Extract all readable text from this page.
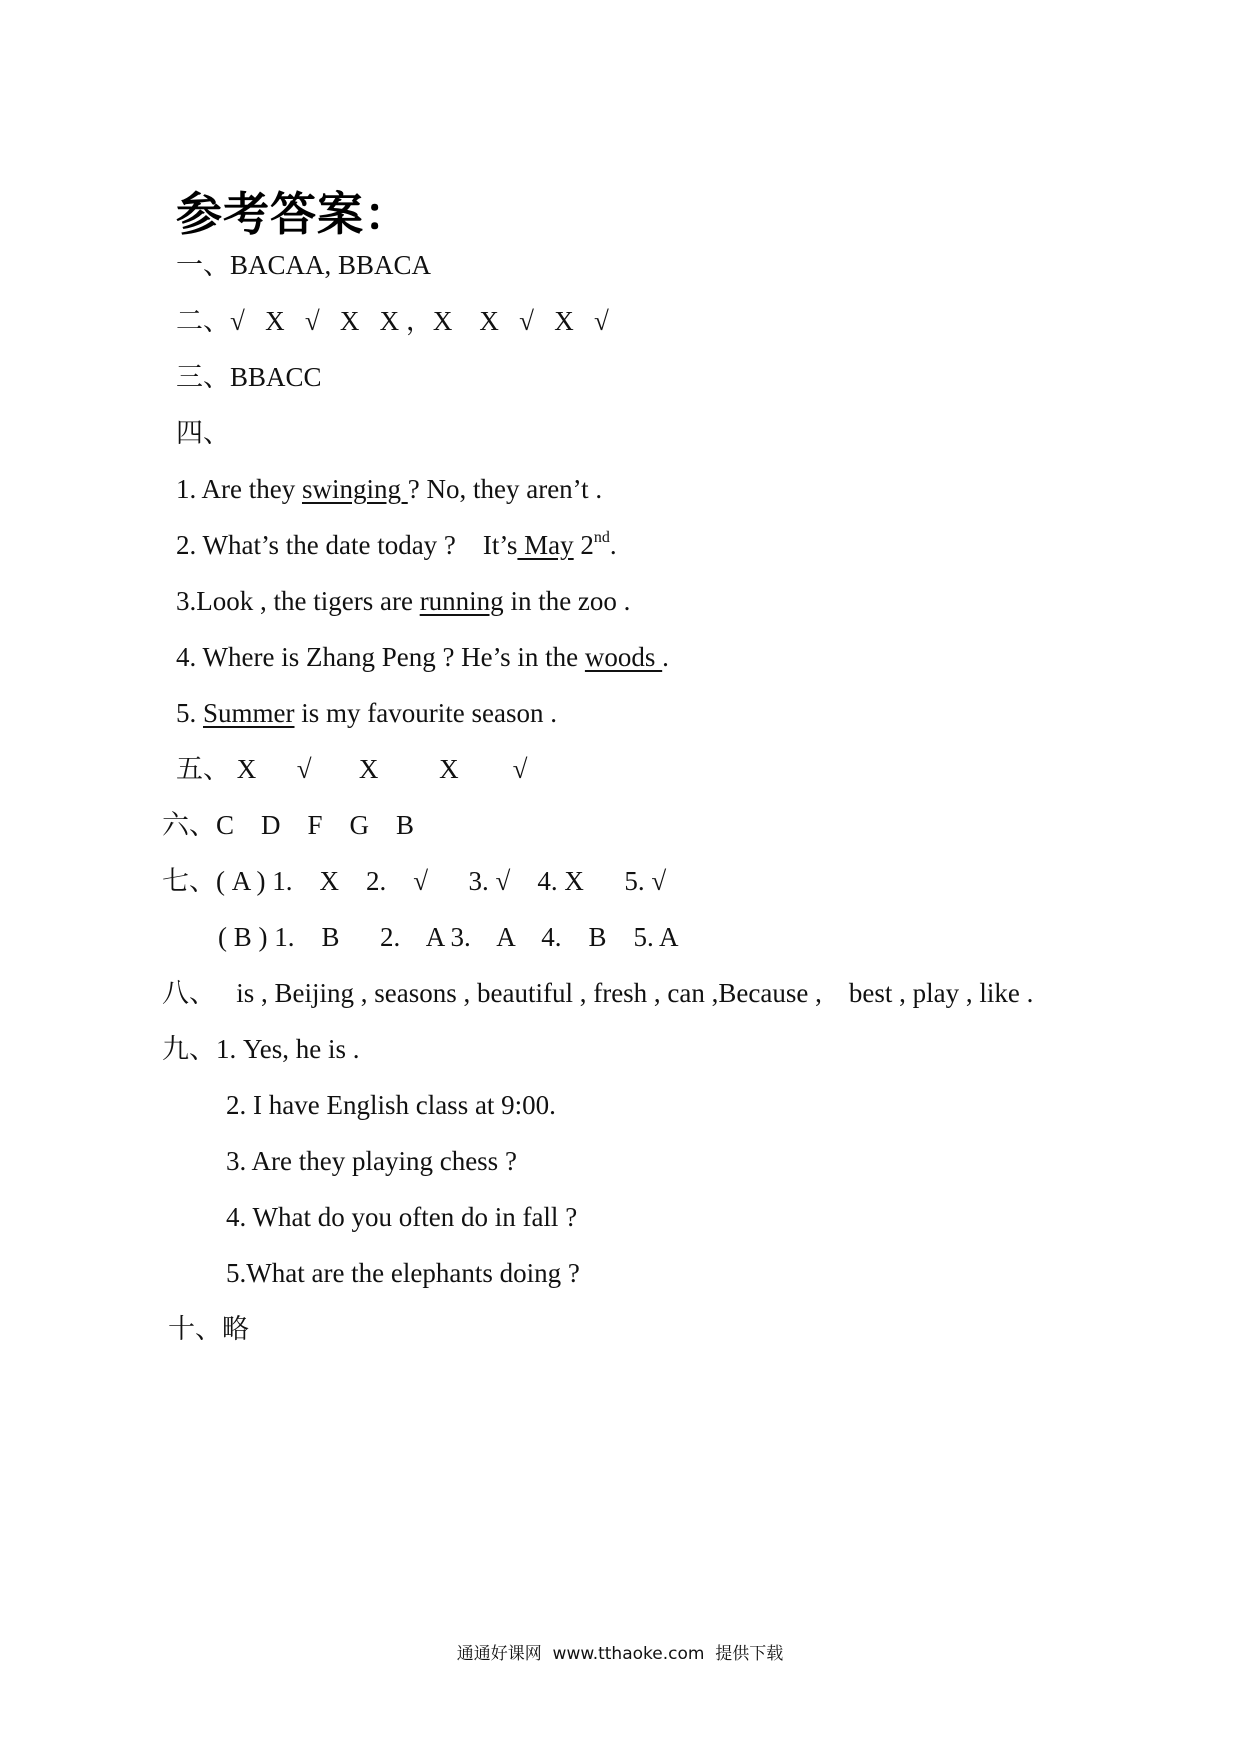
参考答案：
一、BACAA, BBACA
二、√   X   √   X   X ，X    X   √   X   √
三、BBACC
四、
1. Are they swinging ? No, they aren’t .
2. What’s the date today ?    It’s May 2nd.
3.Look , the tigers are running in the zoo .
4. Where is Zhang Peng ? He’s in the woods .
5. Summer is my favourite season .
五、 X      √       X         X        √
六、C    D    F    G    B
七、( A ) 1.    X    2.    √      3. √    4. X      5. √
( B ) 1.    B      2.    A 3.    A    4.    B    5. A
八、   is , Beijing , seasons , beautiful , fresh , can ,Because ,    best , play , like .
九、1. Yes, he is .
2. I have English class at 9:00.
3. Are they playing chess ?
4. What do you often do in fall ?
5.What are the elephants doing ?
十、略
通通好课网  www.tthaoke.com  提供下载
